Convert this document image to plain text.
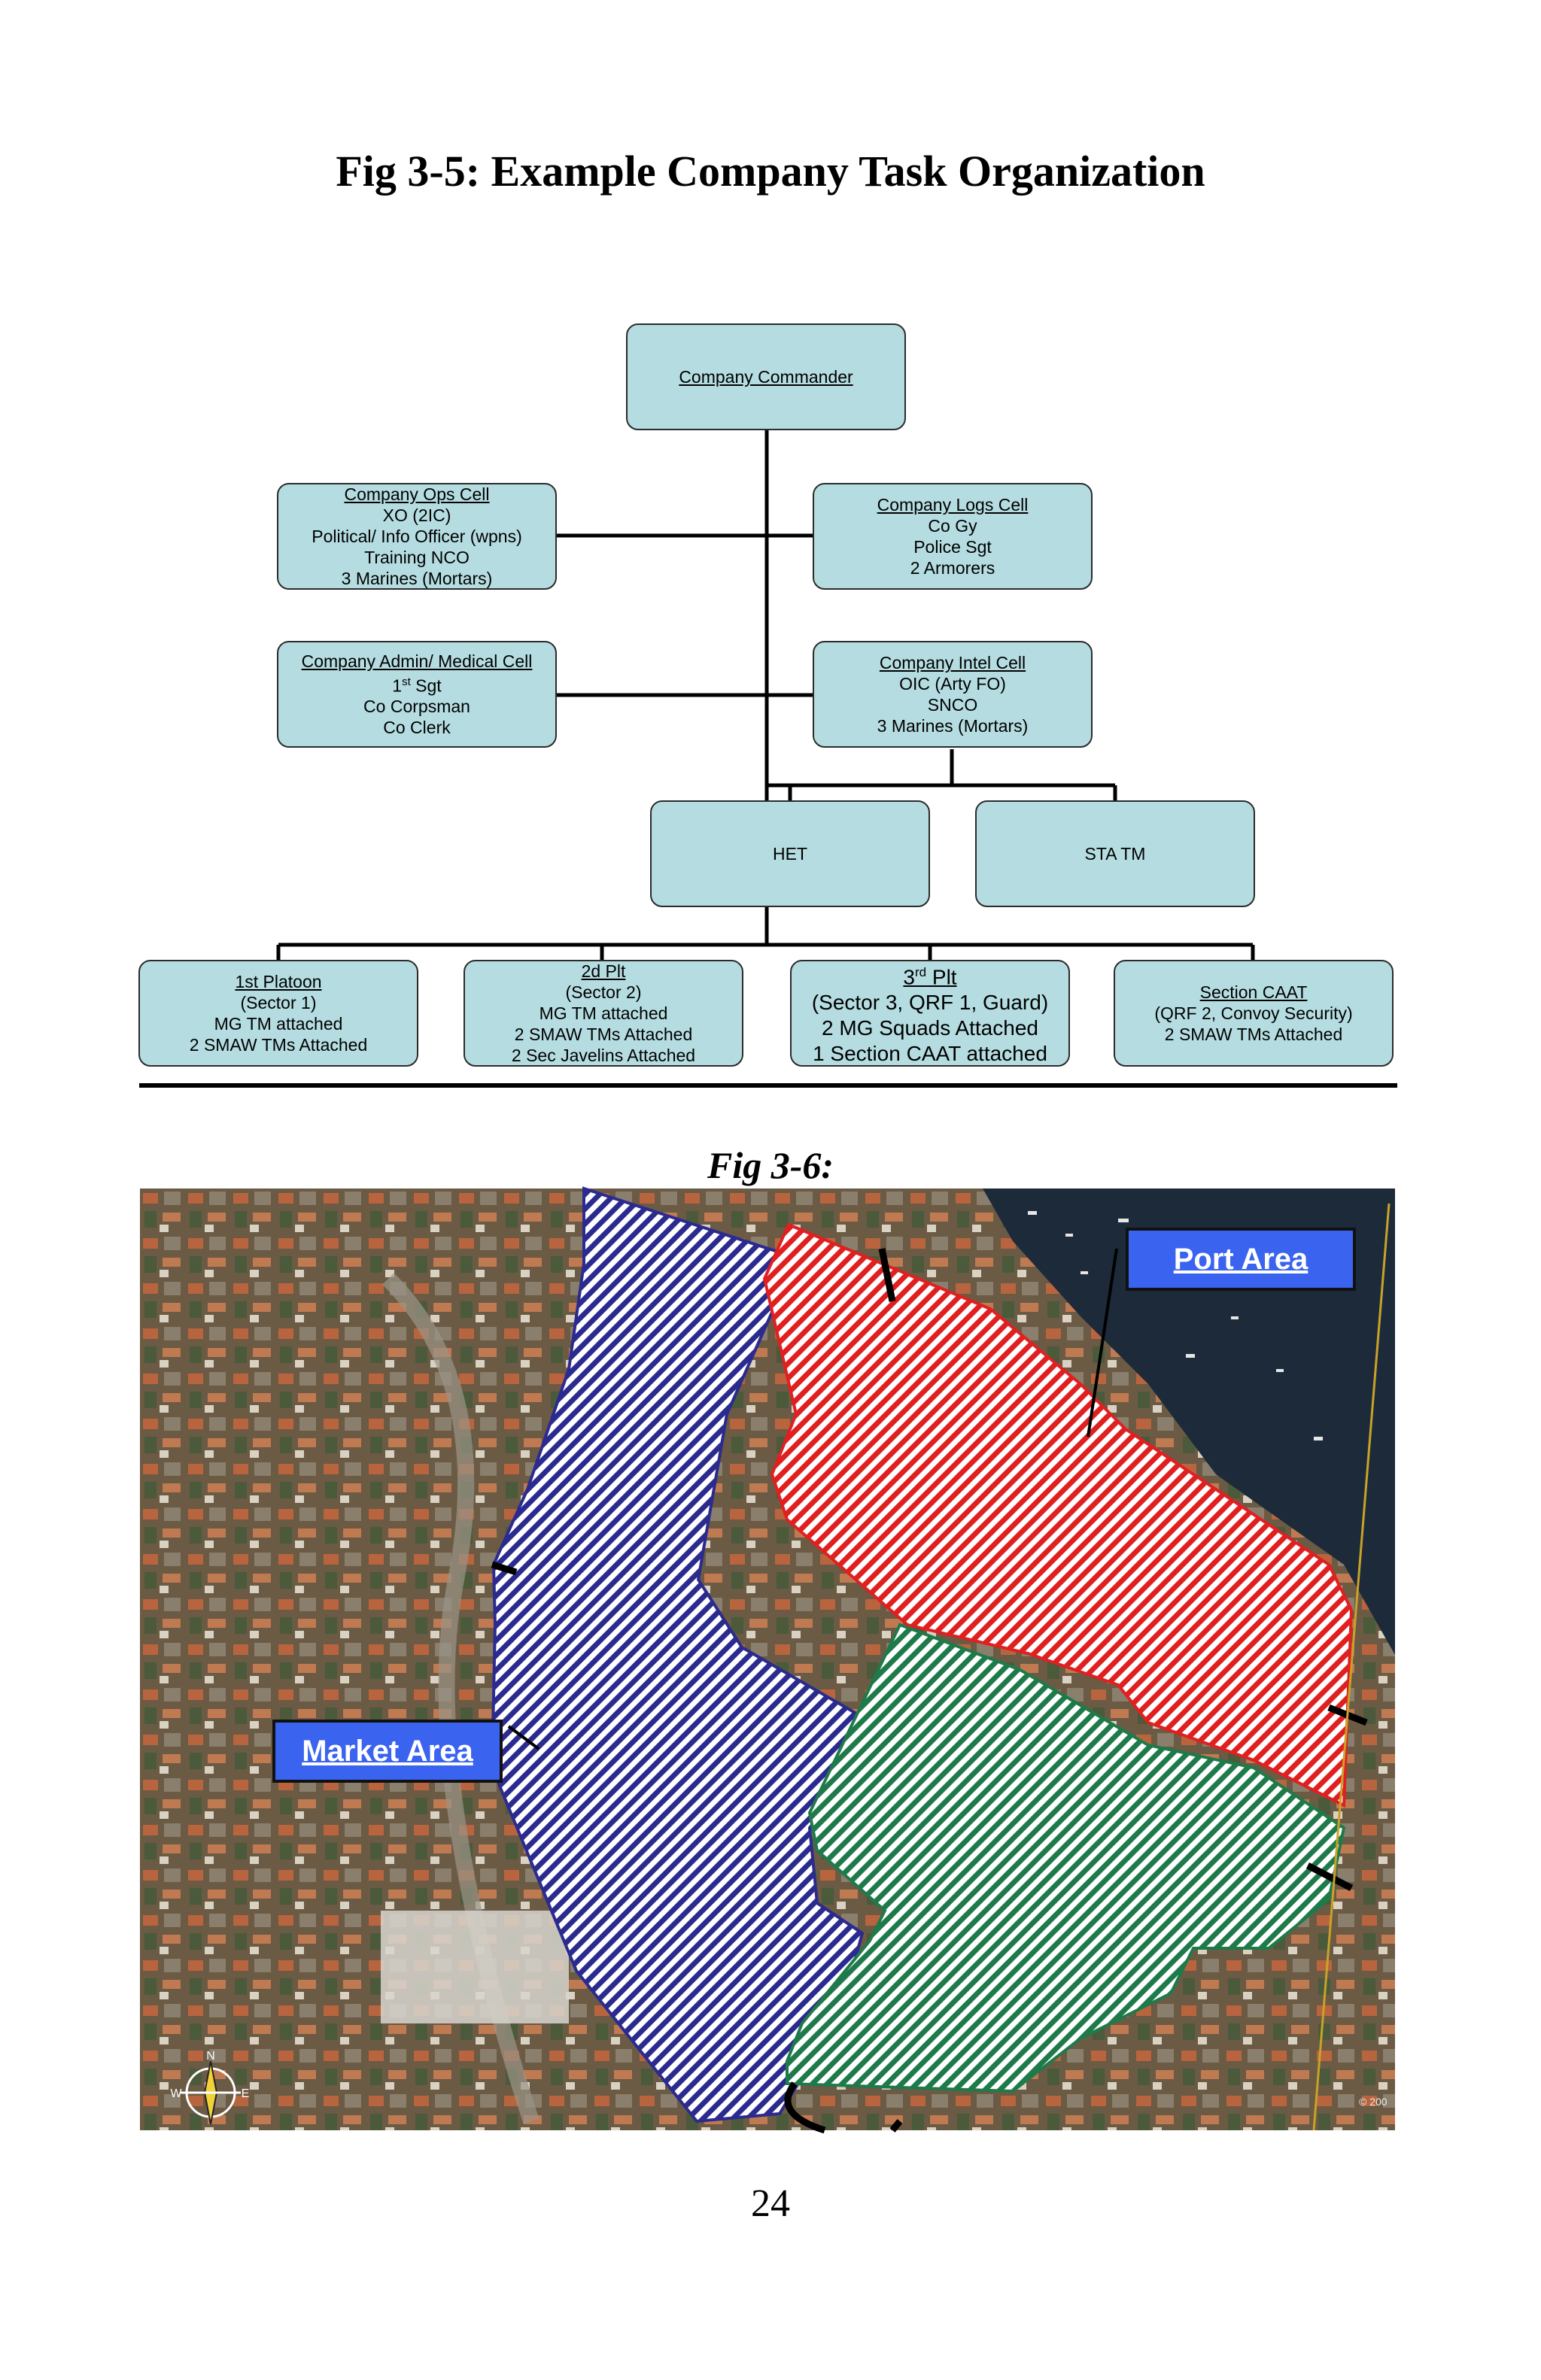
Fig 3-5: Example Company Task Organization
Company Commander
Company Ops Cell
XO (2IC)
Political/ Info Officer (wpns)
Training NCO
3 Marines (Mortars)
Company Logs Cell
Co Gy
Police Sgt
2 Armorers
Company Admin/ Medical Cell
1st Sgt
Co Corpsman
Co Clerk
Company Intel Cell
OIC (Arty FO)
SNCO
3 Marines (Mortars)
HET	STA TM
1st Platoon
(Sector 1)
MG TM attached
2 SMAW TMs Attached
2d Plt
(Sector 2)
MG TM attached
2 SMAW TMs Attached
2 Sec Javelins Attached
3rd Plt
(Sector 3, QRF 1, Guard)
2 MG Squads Attached
1 Section CAAT attached
Section CAAT
(QRF 2, Convoy Security)
2 SMAW TMs Attached
Fig 3-6:
Port Area
Market Area
N
W	E
© 200
24
